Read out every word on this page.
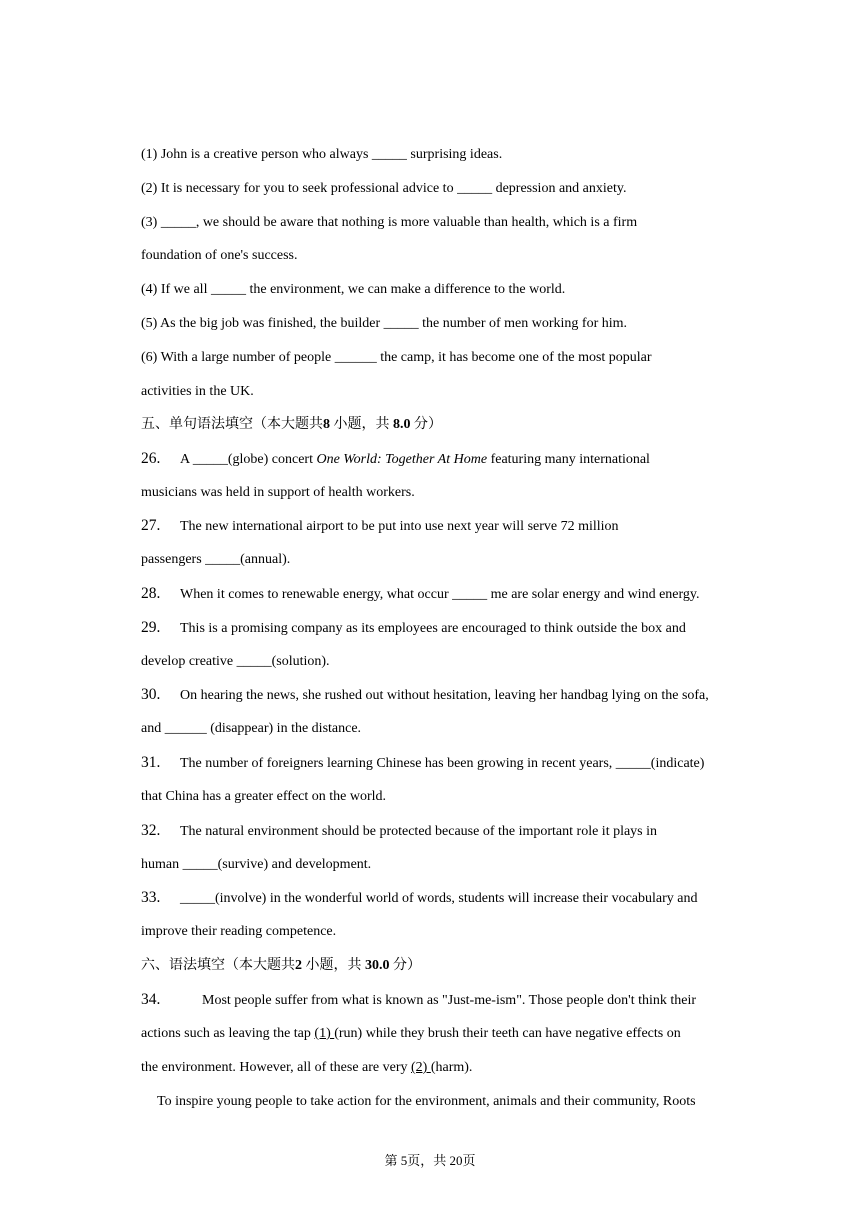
(1) John is a creative person who always _____ surprising ideas.
(2) It is necessary for you to seek professional advice to _____ depression and anxiety.
(3) _____, we should be aware that nothing is more valuable than health, which is a firm
foundation of one's success.
(4) If we all _____ the environment, we can make a difference to the world.
(5) As the big job was finished, the builder _____ the number of men working for him.
(6) With a large number of people ______ the camp, it has become one of the most popular
activities in the UK.
五、单句语法填空（本大题共8 小题，共 8.0 分）
26. A _____(globe) concert One World: Together At Home featuring many international
musicians was held in support of health workers.
27. The new international airport to be put into use next year will serve 72 million
passengers _____(annual).
28. When it comes to renewable energy, what occur _____ me are solar energy and wind energy.
29. This is a promising company as its employees are encouraged to think outside the box and
develop creative _____(solution).
30. On hearing the news, she rushed out without hesitation, leaving her handbag lying on the sofa,
and ______ (disappear) in the distance.
31. The number of foreigners learning Chinese has been growing in recent years, _____(indicate)
that China has a greater effect on the world.
32. The natural environment should be protected because of the important role it plays in
human _____(survive) and development.
33. _____(involve) in the wonderful world of words, students will increase their vocabulary and
improve their reading competence.
六、语法填空（本大题共2 小题，共 30.0 分）
34.	Most people suffer from what is known as "Just-me-ism". Those people don't think their
actions such as leaving the tap (1) (run) while they brush their teeth can have negative effects on
the environment. However, all of these are very (2) (harm).
To inspire young people to take action for the environment, animals and their community, Roots
第 5页，共 20页
